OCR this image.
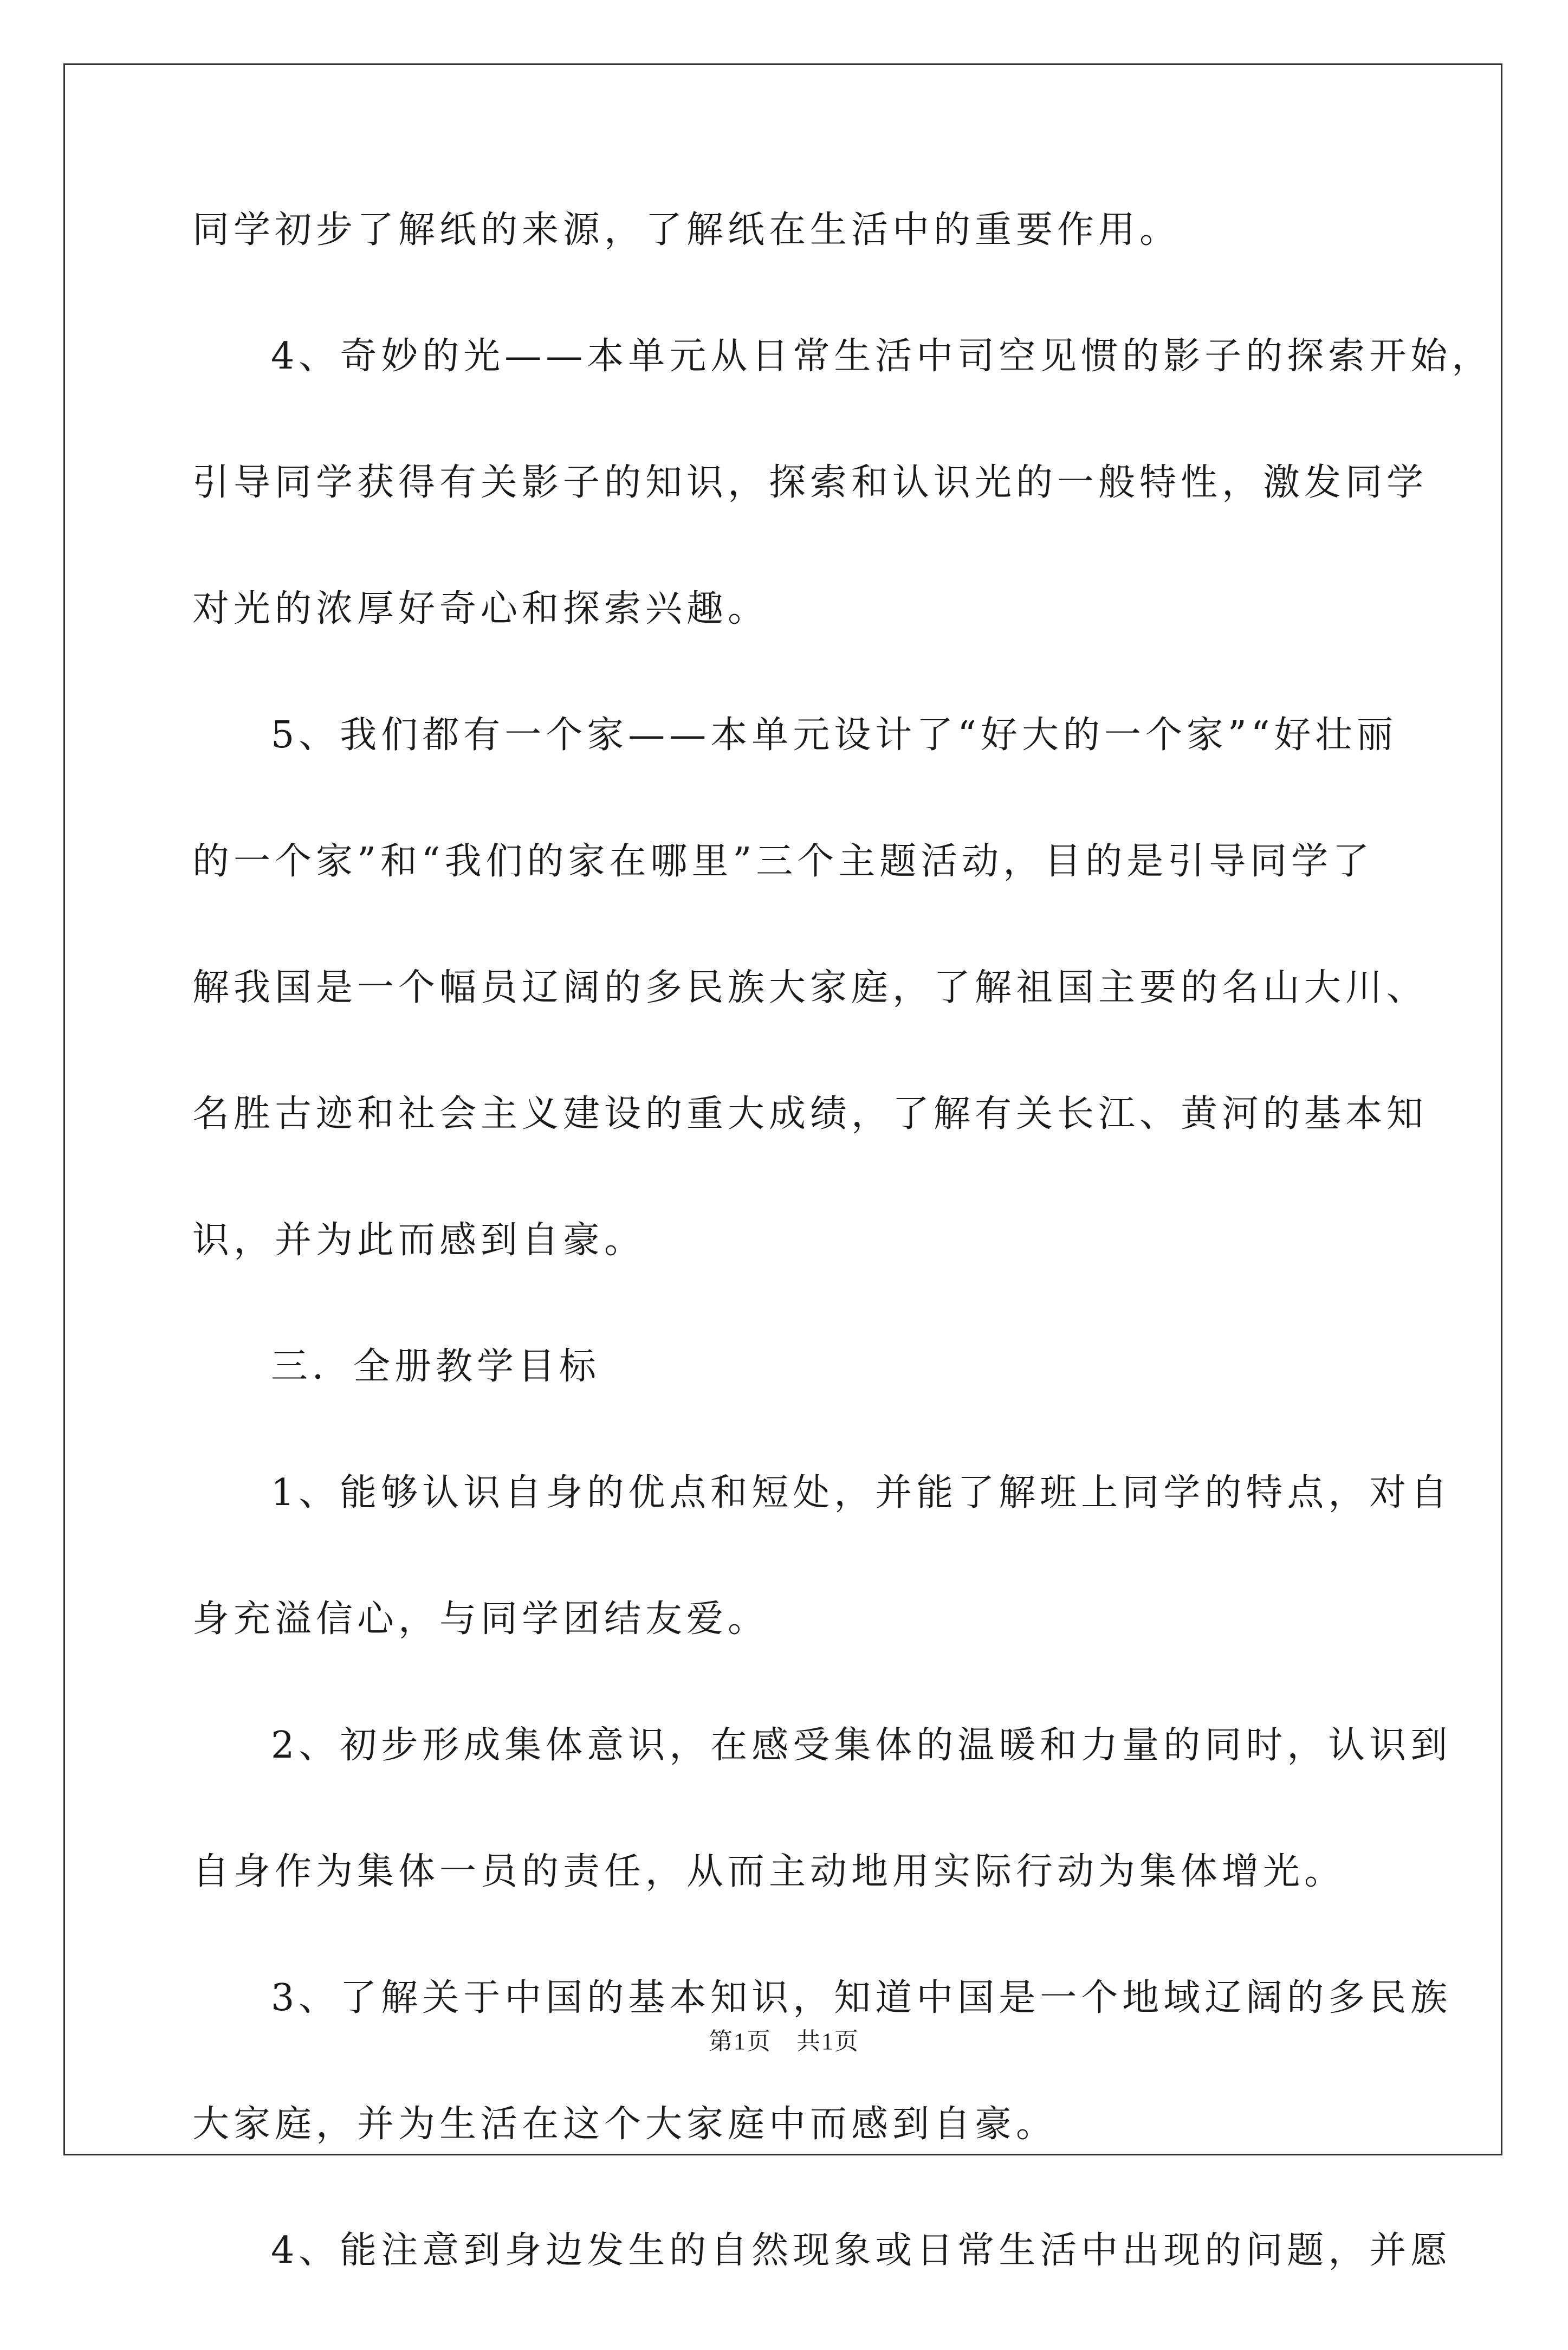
同学初步了解纸的来源，了解纸在生活中的重要作用。
4、奇妙的光——本单元从日常生活中司空见惯的影子的探索开始，
引导同学获得有关影子的知识，探索和认识光的一般特性，激发同学
对光的浓厚好奇心和探索兴趣。
5、我们都有一个家——本单元设计了“好大的一个家”“好壮丽
的一个家”和“我们的家在哪里”三个主题活动，目的是引导同学了
解我国是一个幅员辽阔的多民族大家庭，了解祖国主要的名山大川、
名胜古迹和社会主义建设的重大成绩，了解有关长江、黄河的基本知
识，并为此而感到自豪。
三．全册教学目标
1、能够认识自身的优点和短处，并能了解班上同学的特点，对自
身充溢信心，与同学团结友爱。
2、初步形成集体意识，在感受集体的温暖和力量的同时，认识到
自身作为集体一员的责任，从而主动地用实际行动为集体增光。
3、了解关于中国的基本知识，知道中国是一个地域辽阔的多民族
大家庭，并为生活在这个大家庭中而感到自豪。
4、能注意到身边发生的自然现象或日常生活中出现的问题，并愿
第1页　共1页
